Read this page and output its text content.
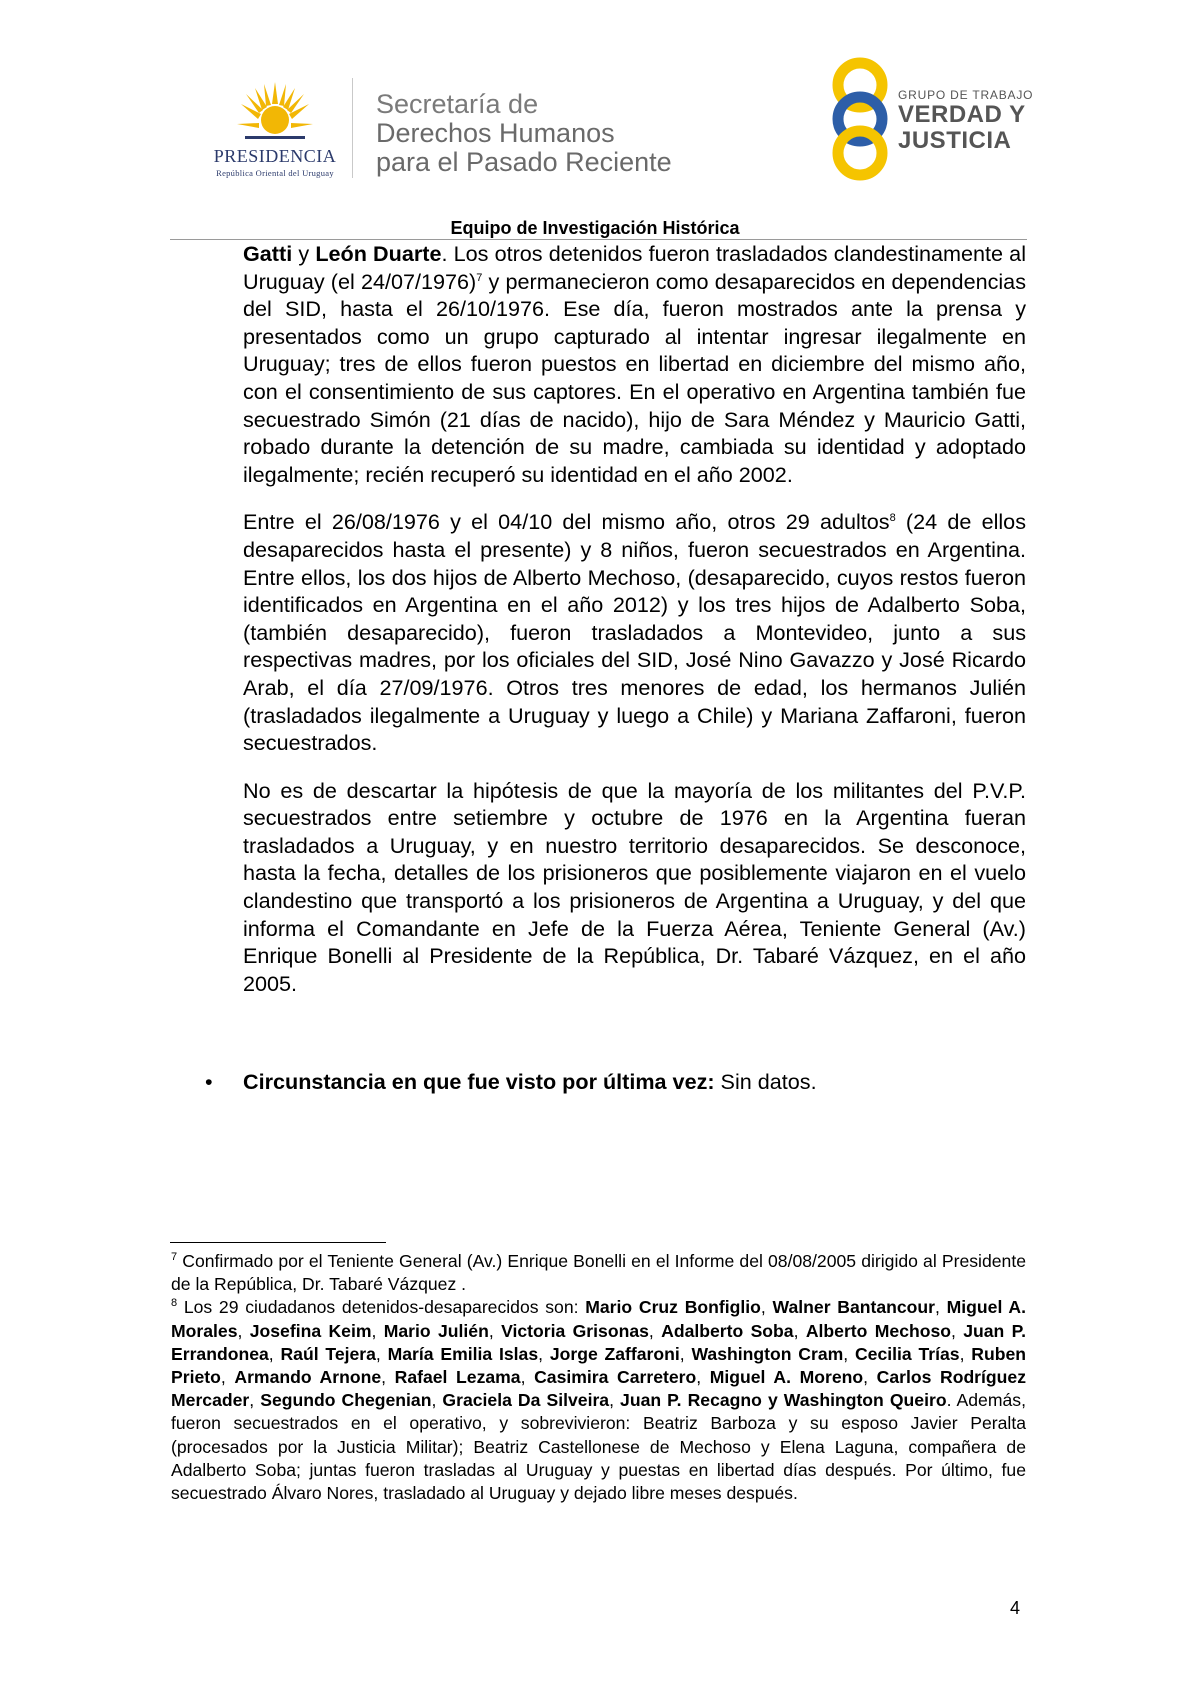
PRESIDENCIA
República Oriental del Uruguay
Secretaría de
Derechos Humanos
para el Pasado Reciente
GRUPO DE TRABAJO
VERDAD Y
JUSTICIA
Equipo de Investigación Histórica

Gatti y León Duarte. Los otros detenidos fueron trasladados clandestinamente al Uruguay (el 24/07/1976)$^7$ y permanecieron como desaparecidos en dependencias del SID, hasta el 26/10/1976. Ese día, fueron mostrados ante la prensa y presentados como un grupo capturado al intentar ingresar ilegalmente en Uruguay; tres de ellos fueron puestos en libertad en diciembre del mismo año, con el consentimiento de sus captores. En el operativo en Argentina también fue secuestrado Simón (21 días de nacido), hijo de Sara Méndez y Mauricio Gatti, robado durante la detención de su madre, cambiada su identidad y adoptado ilegalmente; recién recuperó su identidad en el año 2002.

Entre el 26/08/1976 y el 04/10 del mismo año, otros 29 adultos$^8$ (24 de ellos desaparecidos hasta el presente) y 8 niños, fueron secuestrados en Argentina. Entre ellos, los dos hijos de Alberto Mechoso, (desaparecido, cuyos restos fueron identificados en Argentina en el año 2012) y los tres hijos de Adalberto Soba, (también desaparecido), fueron trasladados a Montevideo, junto a sus respectivas madres, por los oficiales del SID, José Nino Gavazzo y José Ricardo Arab, el día 27/09/1976. Otros tres menores de edad, los hermanos Julién (trasladados ilegalmente a Uruguay y luego a Chile) y Mariana Zaffaroni, fueron secuestrados.

No es de descartar la hipótesis de que la mayoría de los militantes del P.V.P. secuestrados entre setiembre y octubre de 1976 en la Argentina fueran trasladados a Uruguay, y en nuestro territorio desaparecidos. Se desconoce, hasta la fecha, detalles de los prisioneros que posiblemente viajaron en el vuelo clandestino que transportó a los prisioneros de Argentina a Uruguay, y del que informa el Comandante en Jefe de la Fuerza Aérea, Teniente General (Av.) Enrique Bonelli al Presidente de la República, Dr. Tabaré Vázquez, en el año 2005.

• Circunstancia en que fue visto por última vez: Sin datos.

$^7$ Confirmado por el Teniente General (Av.) Enrique Bonelli en el Informe del 08/08/2005 dirigido al Presidente de la República, Dr. Tabaré Vázquez .

$^8$ Los 29 ciudadanos detenidos-desaparecidos son: Mario Cruz Bonfiglio, Walner Bantancour, Miguel A. Morales, Josefina Keim, Mario Julién, Victoria Grisonas, Adalberto Soba, Alberto Mechoso, Juan P. Errandonea, Raúl Tejera, María Emilia Islas, Jorge Zaffaroni, Washington Cram, Cecilia Trías, Ruben Prieto, Armando Arnone, Rafael Lezama, Casimira Carretero, Miguel A. Moreno, Carlos Rodríguez Mercader, Segundo Chegenian, Graciela Da Silveira, Juan P. Recagno y Washington Queiro. Además, fueron secuestrados en el operativo, y sobrevivieron: Beatriz Barboza y su esposo Javier Peralta (procesados por la Justicia Militar); Beatriz Castellonese de Mechoso y Elena Laguna, compañera de Adalberto Soba; juntas fueron trasladas al Uruguay y puestas en libertad días después. Por último, fue secuestrado Álvaro Nores, trasladado al Uruguay y dejado libre meses después.

4
